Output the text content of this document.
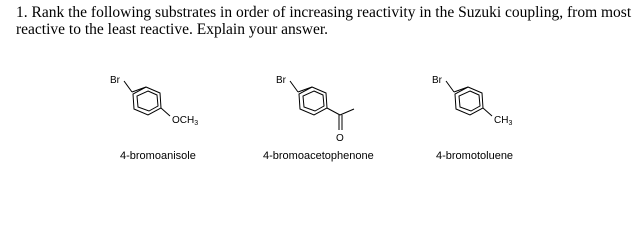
1. Rank the following substrates in order of increasing reactivity in the Suzuki coupling, from most reactive to the least reactive. Explain your answer.

Br
$OCH_3$
Br
O
Br
$CH_3$
4-bromoanisole	4-bromoacetophenone	4-bromotoluene
